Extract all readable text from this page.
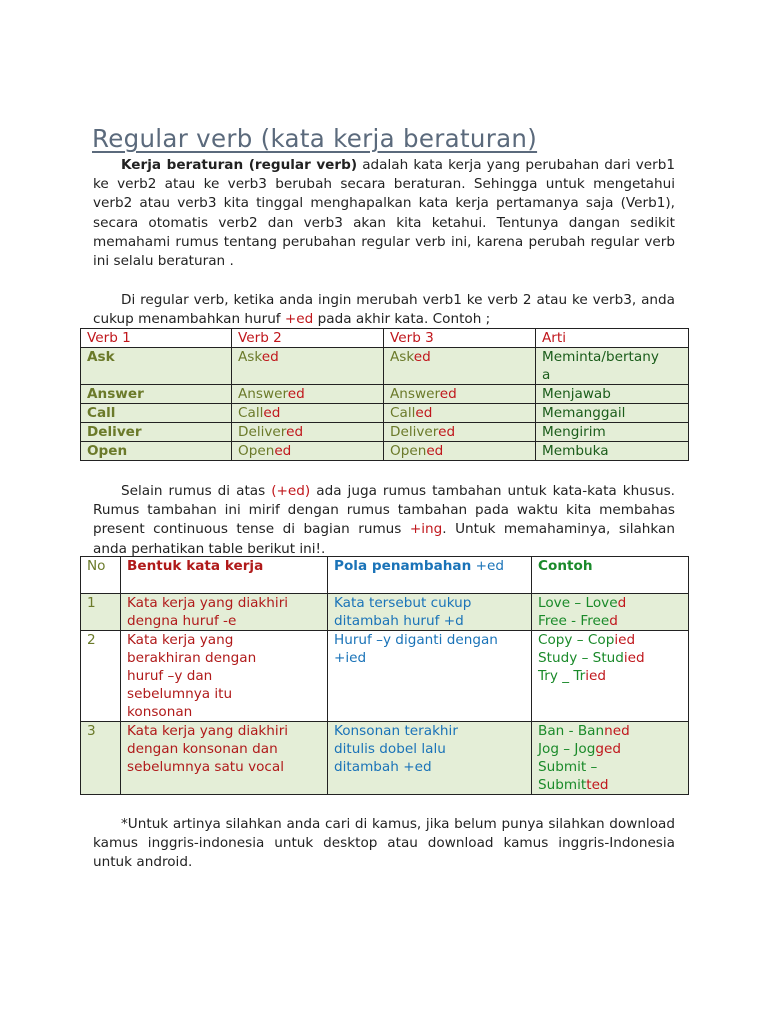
Regular verb (kata kerja beraturan)

Kerja beraturan (regular verb) adalah kata kerja yang perubahan dari verb1 ke verb2 atau ke verb3 berubah secara beraturan. Sehingga untuk mengetahui verb2 atau verb3 kita tinggal menghapalkan kata kerja pertamanya saja (Verb1), secara otomatis verb2 dan verb3 akan kita ketahui. Tentunya dangan sedikit memahami rumus tentang perubahan regular verb ini, karena perubah regular verb ini selalu beraturan .

Di regular verb, ketika anda ingin merubah verb1 ke verb 2 atau ke verb3, anda cukup menambahkan huruf +ed pada akhir kata. Contoh ;

Verb 1	Verb 2	Verb 3	Arti
Ask	Asked	Asked	Meminta/bertany
a

Answer	Answered	Answered	Menjawab
Call	Called	Called	Memanggail
Deliver	Delivered	Delivered	Mengirim
Open	Opened	Opened	Membuka

Selain rumus di atas (+ed) ada juga rumus tambahan untuk kata-kata khusus. Rumus tambahan ini mirif dengan rumus tambahan pada waktu kita membahas present continuous tense di bagian rumus +ing. Untuk memahaminya, silahkan anda perhatikan table berikut ini!.

No	Bentuk kata kerja	Pola penambahan +ed	Contoh
1	Kata kerja yang diakhiri
dengna huruf -e	Kata tersebut cukup
ditambah huruf +d	Love – Loved
Free - Freed

2	Kata kerja yang
berakhiran dengan
huruf –y dan
sebelumnya itu
konsonan	Huruf –y diganti dengan
+ied	Copy – Copied
Study – Studied
Try _ Tried

3	Kata kerja yang diakhiri
dengan konsonan dan
sebelumnya satu vocal	Konsonan terakhir
ditulis dobel lalu
ditambah +ed	Ban - Banned
Jog – Jogged
Submit –
Submitted

*Untuk artinya silahkan anda cari di kamus, jika belum punya silahkan download kamus inggris-indonesia untuk desktop atau download kamus inggris-Indonesia untuk android.
